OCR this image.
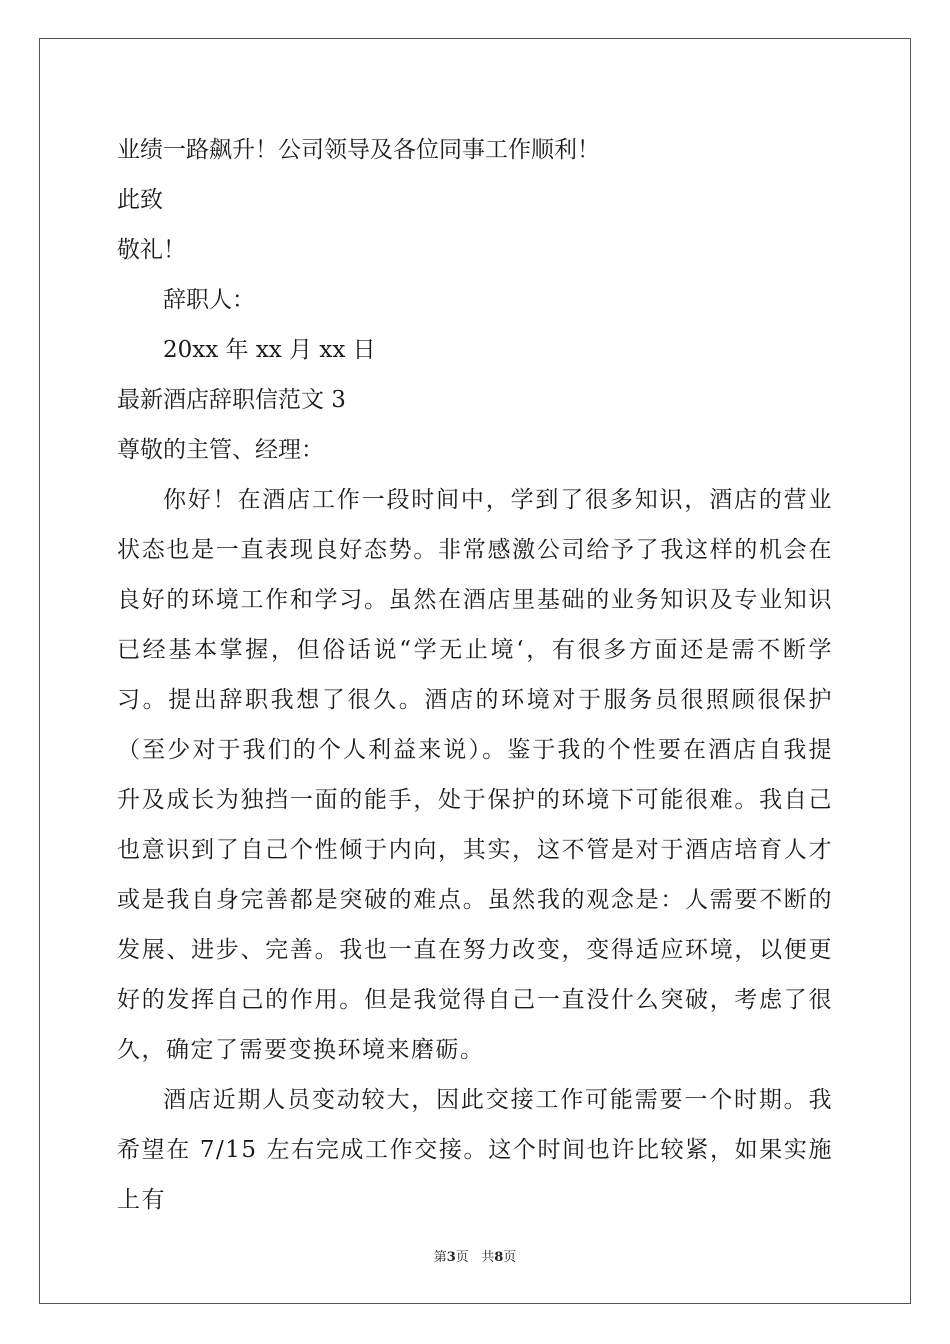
业绩一路飙升！公司领导及各位同事工作顺利！
此致
敬礼！
辞职人：
20xx 年 xx 月 xx 日
最新酒店辞职信范文 3
尊敬的主管、经理：
你好！在酒店工作一段时间中，学到了很多知识，酒店的营业状态也是一直表现良好态势。非常感激公司给予了我这样的机会在良好的环境工作和学习。虽然在酒店里基础的业务知识及专业知识已经基本掌握，但俗话说“学无止境‘，有很多方面还是需不断学习。提出辞职我想了很久。酒店的环境对于服务员很照顾很保护（至少对于我们的个人利益来说）。鉴于我的个性要在酒店自我提升及成长为独挡一面的能手，处于保护的环境下可能很难。我自己也意识到了自己个性倾于内向，其实，这不管是对于酒店培育人才或是我自身完善都是突破的难点。虽然我的观念是：人需要不断的发展、进步、完善。我也一直在努力改变，变得适应环境，以便更好的发挥自己的作用。但是我觉得自己一直没什么突破，考虑了很久，确定了需要变换环境来磨砺。
酒店近期人员变动较大，因此交接工作可能需要一个时期。我希望在 7/15 左右完成工作交接。这个时间也许比较紧，如果实施上有
第3页 共8页
